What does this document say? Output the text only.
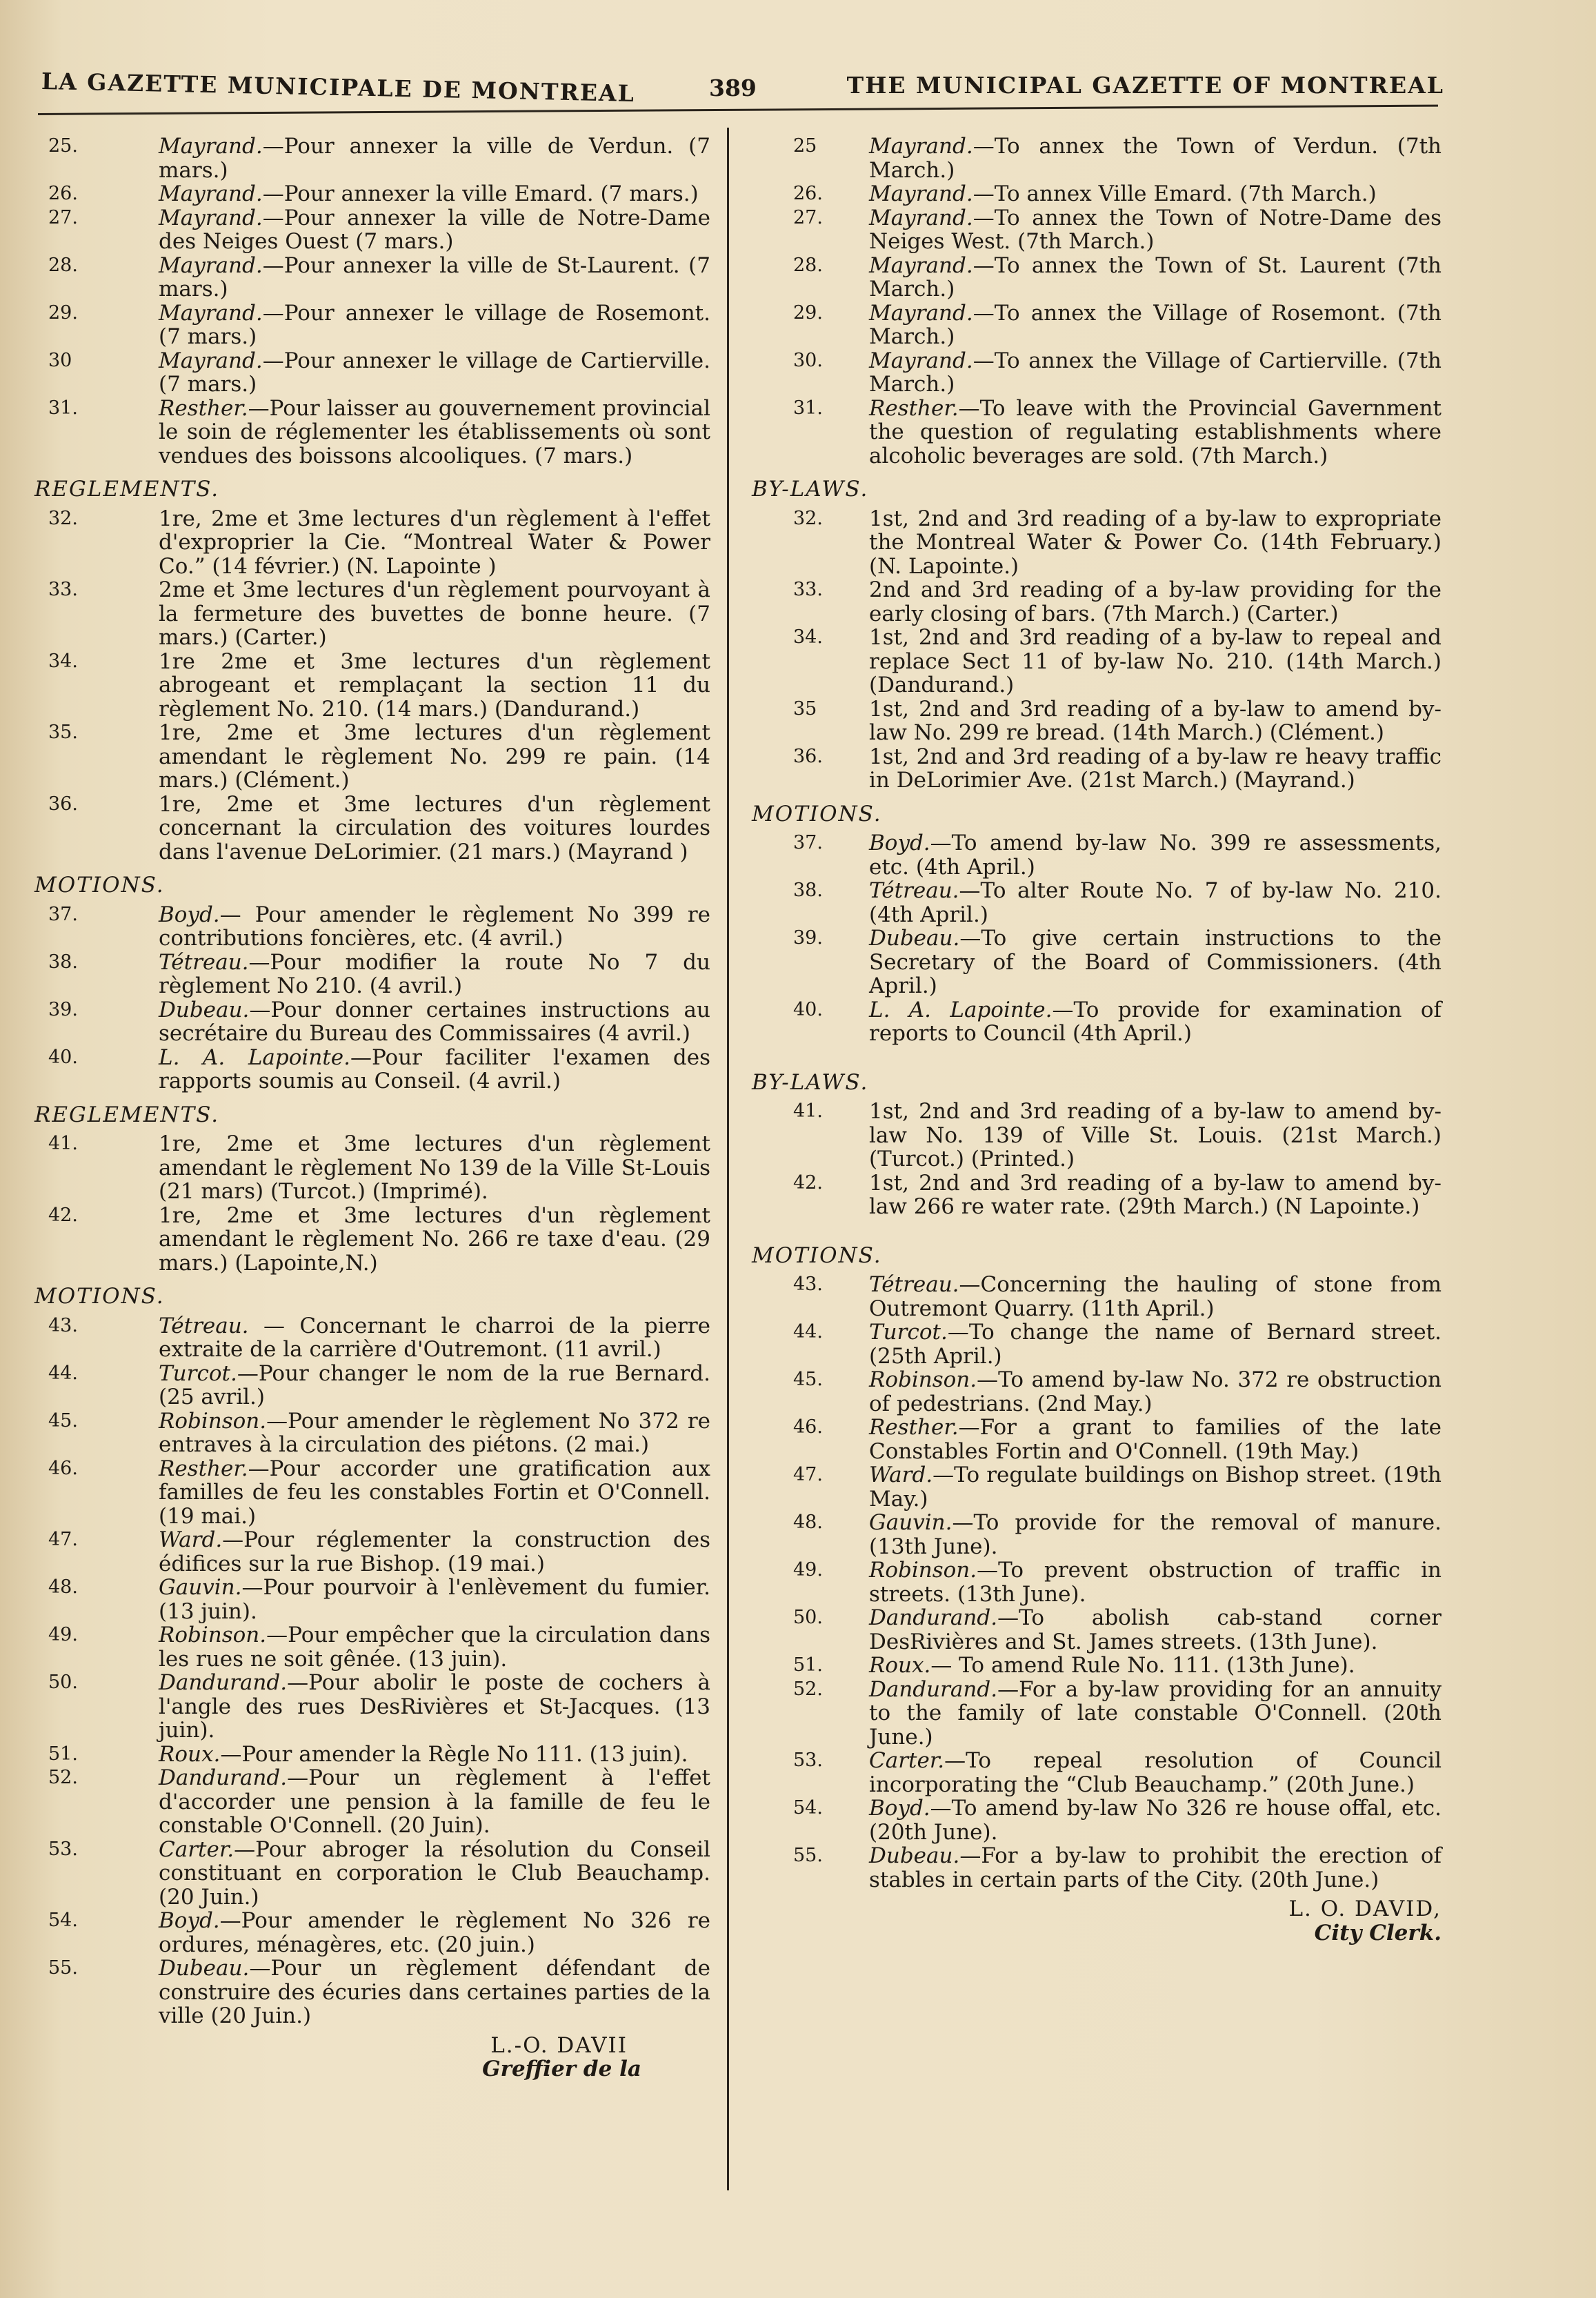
LA GAZETTE MUNICIPALE DE MONTREAL	389	THE MUNICIPAL GAZETTE OF MONTREAL
25.	Mayrand.—Pour annexer la ville de Verdun. (7 mars.)
26.	Mayrand.—Pour annexer la ville Emard. (7 mars.)
27.	Mayrand.—Pour annexer la ville de Notre-Dame des Neiges Ouest (7 mars.)
28.	Mayrand.—Pour annexer la ville de St-Laurent. (7 mars.)
29.	Mayrand.—Pour annexer le village de Rosemont. (7 mars.)
30	Mayrand.—Pour annexer le village de Cartierville. (7 mars.)
31.	Resther.—Pour laisser au gouvernement provincial le soin de réglementer les établissements où sont vendues des boissons alcooliques. (7 mars.)
REGLEMENTS.
32.	1re, 2me et 3me lectures d'un règlement à l'effet d'exproprier la Cie. “Montreal Water & Power Co.” (14 février.) (N. Lapointe )
33.	2me et 3me lectures d'un règlement pourvoyant à la fermeture des buvettes de bonne heure. (7 mars.) (Carter.)
34.	1re 2me et 3me lectures d'un règlement abrogeant et remplaçant la section 11 du règlement No. 210. (14 mars.) (Dandurand.)
35.	1re, 2me et 3me lectures d'un règlement amendant le règlement No. 299 re pain. (14 mars.) (Clément.)
36.	1re, 2me et 3me lectures d'un règlement concernant la circulation des voitures lourdes dans l'avenue DeLorimier. (21 mars.) (Mayrand )
MOTIONS.
37.	Boyd.— Pour amender le règlement No 399 re contributions foncières, etc. (4 avril.)
38.	Tétreau.—Pour modifier la route No 7 du règlement No 210. (4 avril.)
39.	Dubeau.—Pour donner certaines instructions au secrétaire du Bureau des Commissaires (4 avril.)
40.	L. A. Lapointe.—Pour faciliter l'examen des rapports soumis au Conseil. (4 avril.)
REGLEMENTS.
41.	1re, 2me et 3me lectures d'un règlement amendant le règlement No 139 de la Ville St-Louis (21 mars) (Turcot.) (Imprimé).
42.	1re, 2me et 3me lectures d'un règlement amendant le règlement No. 266 re taxe d'eau. (29 mars.) (Lapointe,N.)
MOTIONS.
43.	Tétreau. — Concernant le charroi de la pierre extraite de la carrière d'Outremont. (11 avril.)
44.	Turcot.—Pour changer le nom de la rue Bernard. (25 avril.)
45.	Robinson.—Pour amender le règlement No 372 re entraves à la circulation des piétons. (2 mai.)
46.	Resther.—Pour accorder une gratification aux familles de feu les constables Fortin et O'Connell. (19 mai.)
47.	Ward.—Pour réglementer la construction des édifices sur la rue Bishop. (19 mai.)
48.	Gauvin.—Pour pourvoir à l'enlèvement du fumier. (13 juin).
49.	Robinson.—Pour empêcher que la circulation dans les rues ne soit gênée. (13 juin).
50.	Dandurand.—Pour abolir le poste de cochers à l'angle des rues DesRivières et St-Jacques. (13 juin).
51.	Roux.—Pour amender la Règle No 111. (13 juin).
52.	Dandurand.—Pour un règlement à l'effet d'accorder une pension à la famille de feu le constable O'Connell. (20 Juin).
53.	Carter.—Pour abroger la résolution du Conseil constituant en corporation le Club Beauchamp. (20 Juin.)
54.	Boyd.—Pour amender le règlement No 326 re ordures, ménagères, etc. (20 juin.)
55.	Dubeau.—Pour un règlement défendant de construire des écuries dans certaines parties de la ville (20 Juin.)
L.-O. DAVII
Greffier de la
25 Mayrand.—To annex the Town of Verdun. (7th March.)
26. Mayrand.—To annex Ville Emard. (7th March.)
27. Mayrand.—To annex the Town of Notre-Dame des Neiges West. (7th March.)
28. Mayrand.—To annex the Town of St. Laurent (7th March.)
29. Mayrand.—To annex the Village of Rosemont. (7th March.)
30. Mayrand.—To annex the Village of Cartierville. (7th March.)
31. Resther.—To leave with the Provincial Gavernment the question of regulating establishments where alcoholic beverages are sold. (7th March.)
BY-LAWS.
32. 1st, 2nd and 3rd reading of a by-law to expropriate the Montreal Water & Power Co. (14th February.) (N. Lapointe.)
33. 2nd and 3rd reading of a by-law providing for the early closing of bars. (7th March.) (Carter.)
34. 1st, 2nd and 3rd reading of a by-law to repeal and replace Sect 11 of by-law No. 210. (14th March.) (Dandurand.)
35 1st, 2nd and 3rd reading of a by-law to amend by-law No. 299 re bread. (14th March.) (Clément.)
36. 1st, 2nd and 3rd reading of a by-law re heavy traffic in DeLorimier Ave. (21st March.) (Mayrand.)
MOTIONS.
37. Boyd.—To amend by-law No. 399 re assessments, etc. (4th April.)
38. Tétreau.—To alter Route No. 7 of by-law No. 210. (4th April.)
39. Dubeau.—To give certain instructions to the Secretary of the Board of Commissioners. (4th April.)
40. L. A. Lapointe.—To provide for examination of reports to Council (4th April.)
BY-LAWS.
41. 1st, 2nd and 3rd reading of a by-law to amend by-law No. 139 of Ville St. Louis. (21st March.) (Turcot.) (Printed.)
42. 1st, 2nd and 3rd reading of a by-law to amend by-law 266 re water rate. (29th March.) (N Lapointe.)
MOTIONS.
43. Tétreau.—Concerning the hauling of stone from Outremont Quarry. (11th April.)
44. Turcot.—To change the name of Bernard street. (25th April.)
45. Robinson.—To amend by-law No. 372 re obstruction of pedestrians. (2nd May.)
46. Resther.—For a grant to families of the late Constables Fortin and O'Connell. (19th May.)
47. Ward.—To regulate buildings on Bishop street. (19th May.)
48. Gauvin.—To provide for the removal of manure. (13th June).
49. Robinson.—To prevent obstruction of traffic in streets. (13th June).
50. Dandurand.—To abolish cab-stand corner DesRivières and St. James streets. (13th June).
51. Roux.— To amend Rule No. 111. (13th June).
52. Dandurand.—For a by-law providing for an annuity to the family of late constable O'Connell. (20th June.)
53. Carter.—To repeal resolution of Council incorporating the “Club Beauchamp.” (20th June.)
54. Boyd.—To amend by-law No 326 re house offal, etc. (20th June).
55. Dubeau.—For a by-law to prohibit the erection of stables in certain parts of the City. (20th June.)
L. O. DAVID,
City Clerk.
